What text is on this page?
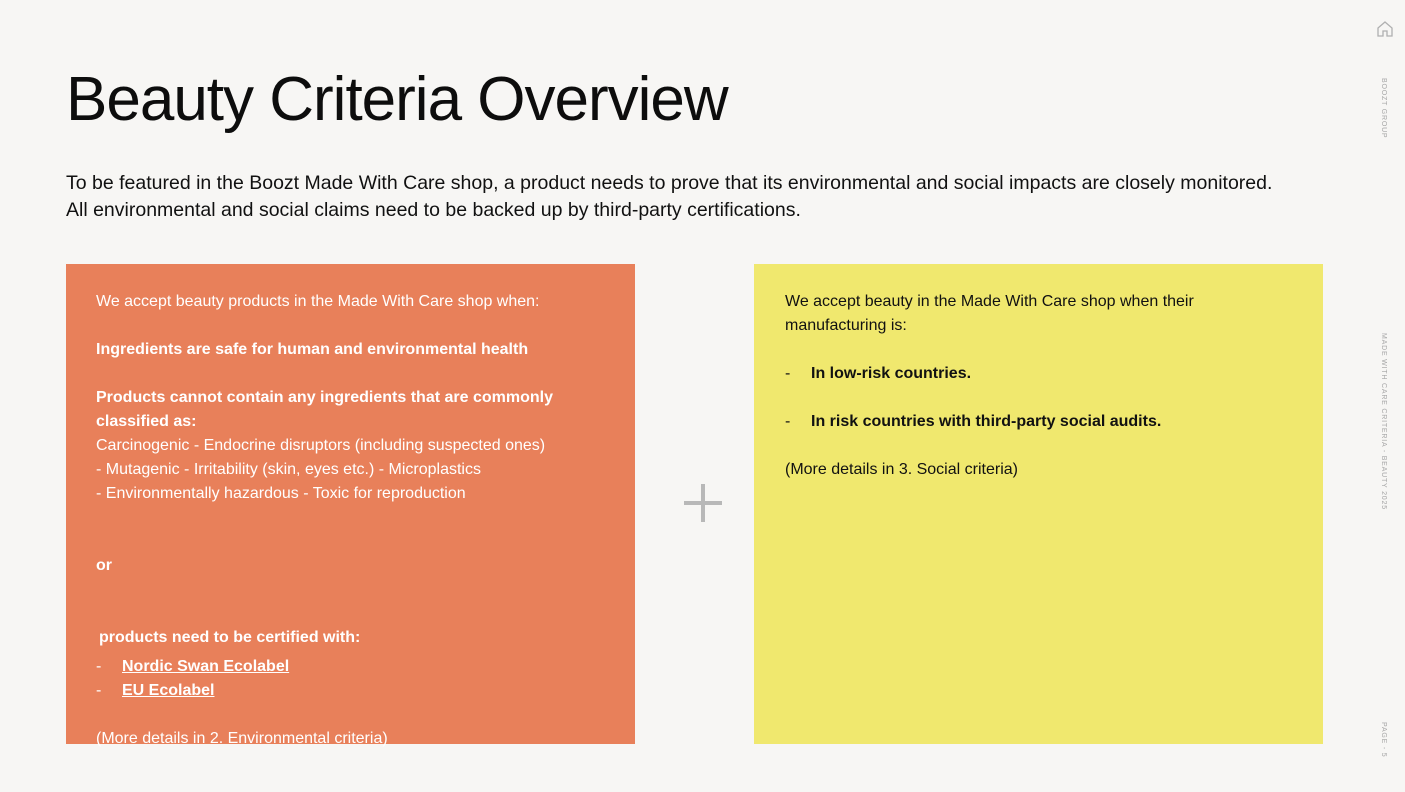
Beauty Criteria Overview

To be featured in the Boozt Made With Care shop, a product needs to prove that its environmental and social impacts are closely monitored. All environmental and social claims need to be backed up by third-party certifications.

We accept beauty products in the Made With Care shop when:

Ingredients are safe for human and environmental health

Products cannot contain any ingredients that are commonly classified as:

Carcinogenic - Endocrine disruptors (including suspected ones)

- Mutagenic - Irritability (skin, eyes etc.) - Microplastics

- Environmentally hazardous - Toxic for reproduction

or

products need to be certified with:

-	Nordic Swan Ecolabel
-	EU Ecolabel

(More details in 2. Environmental criteria)

We accept beauty in the Made With Care shop when their manufacturing is:

-	In low-risk countries.
-	In risk countries with third-party social audits.

(More details in 3. Social criteria)

BOOZT GROUP
MADE WITH CARE CRITERIA - BEAUTY 2025
PAGE - 5
